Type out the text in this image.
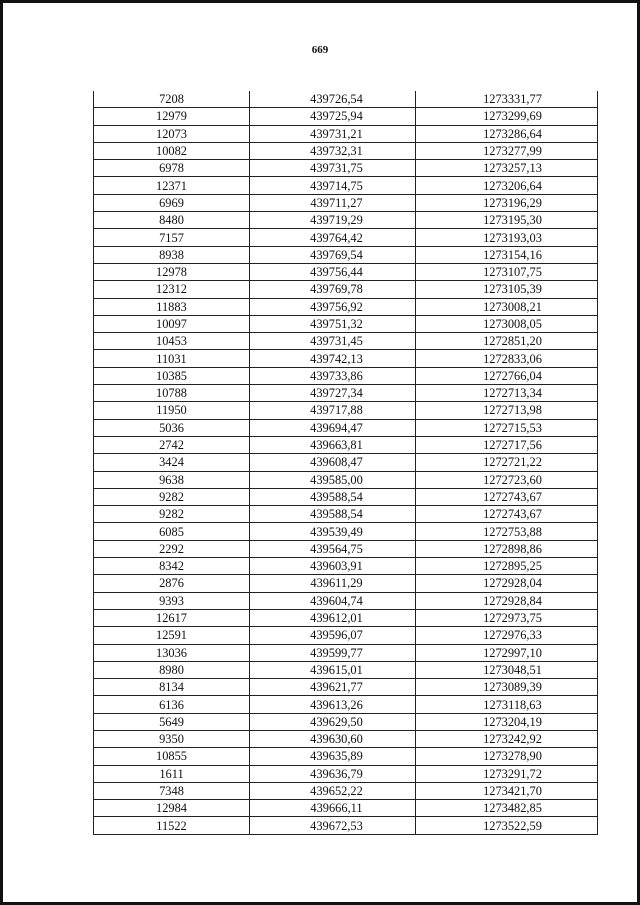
669
7208	439726,54	1273331,77
12979	439725,94	1273299,69
12073	439731,21	1273286,64
10082	439732,31	1273277,99
6978	439731,75	1273257,13
12371	439714,75	1273206,64
6969	439711,27	1273196,29
8480	439719,29	1273195,30
7157	439764,42	1273193,03
8938	439769,54	1273154,16
12978	439756,44	1273107,75
12312	439769,78	1273105,39
11883	439756,92	1273008,21
10097	439751,32	1273008,05
10453	439731,45	1272851,20
11031	439742,13	1272833,06
10385	439733,86	1272766,04
10788	439727,34	1272713,34
11950	439717,88	1272713,98
5036	439694,47	1272715,53
2742	439663,81	1272717,56
3424	439608,47	1272721,22
9638	439585,00	1272723,60
9282	439588,54	1272743,67
9282	439588,54	1272743,67
6085	439539,49	1272753,88
2292	439564,75	1272898,86
8342	439603,91	1272895,25
2876	439611,29	1272928,04
9393	439604,74	1272928,84
12617	439612,01	1272973,75
12591	439596,07	1272976,33
13036	439599,77	1272997,10
8980	439615,01	1273048,51
8134	439621,77	1273089,39
6136	439613,26	1273118,63
5649	439629,50	1273204,19
9350	439630,60	1273242,92
10855	439635,89	1273278,90
1611	439636,79	1273291,72
7348	439652,22	1273421,70
12984	439666,11	1273482,85
11522	439672,53	1273522,59
